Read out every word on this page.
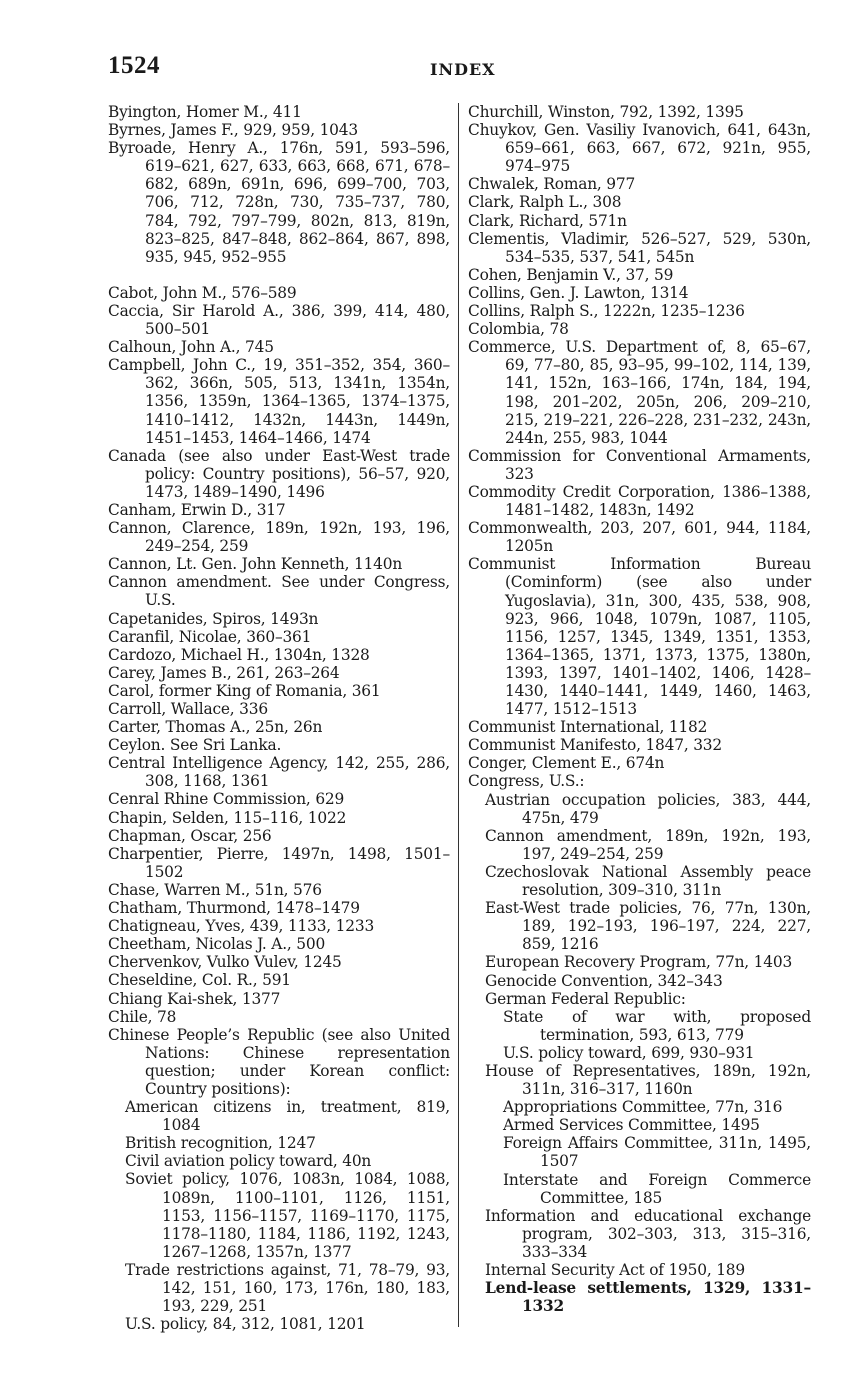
1524	INDEX
Byington, Homer M., 411
Byrnes, James F., 929, 959, 1043
Byroade, Henry A., 176n, 591, 593–596, 619–621, 627, 633, 663, 668, 671, 678–682, 689n, 691n, 696, 699–700, 703, 706, 712, 728n, 730, 735–737, 780, 784, 792, 797–799, 802n, 813, 819n, 823–825, 847–848, 862–864, 867, 898, 935, 945, 952–955
Cabot, John M., 576–589
Caccia, Sir Harold A., 386, 399, 414, 480, 500–501
Calhoun, John A., 745
Campbell, John C., 19, 351–352, 354, 360–362, 366n, 505, 513, 1341n, 1354n, 1356, 1359n, 1364–1365, 1374–1375, 1410–1412, 1432n, 1443n, 1449n, 1451–1453, 1464–1466, 1474
Canada (see also under East-West trade policy: Country positions), 56–57, 920, 1473, 1489–1490, 1496
Canham, Erwin D., 317
Cannon, Clarence, 189n, 192n, 193, 196, 249–254, 259
Cannon, Lt. Gen. John Kenneth, 1140n
Cannon amendment. See under Congress, U.S.
Capetanides, Spiros, 1493n
Caranfil, Nicolae, 360–361
Cardozo, Michael H., 1304n, 1328
Carey, James B., 261, 263–264
Carol, former King of Romania, 361
Carroll, Wallace, 336
Carter, Thomas A., 25n, 26n
Ceylon. See Sri Lanka.
Central Intelligence Agency, 142, 255, 286, 308, 1168, 1361
Cenral Rhine Commission, 629
Chapin, Selden, 115–116, 1022
Chapman, Oscar, 256
Charpentier, Pierre, 1497n, 1498, 1501–1502
Chase, Warren M., 51n, 576
Chatham, Thurmond, 1478–1479
Chatigneau, Yves, 439, 1133, 1233
Cheetham, Nicolas J. A., 500
Chervenkov, Vulko Vulev, 1245
Cheseldine, Col. R., 591
Chiang Kai-shek, 1377
Chile, 78
Chinese People’s Republic (see also United Nations: Chinese representation question; under Korean conflict: Country positions):
American citizens in, treatment, 819, 1084
British recognition, 1247
Civil aviation policy toward, 40n
Soviet policy, 1076, 1083n, 1084, 1088, 1089n, 1100–1101, 1126, 1151, 1153, 1156–1157, 1169–1170, 1175, 1178–1180, 1184, 1186, 1192, 1243, 1267–1268, 1357n, 1377
Trade restrictions against, 71, 78–79, 93, 142, 151, 160, 173, 176n, 180, 183, 193, 229, 251
U.S. policy, 84, 312, 1081, 1201
Churchill, Winston, 792, 1392, 1395
Chuykov, Gen. Vasiliy Ivanovich, 641, 643n, 659–661, 663, 667, 672, 921n, 955, 974–975
Chwalek, Roman, 977
Clark, Ralph L., 308
Clark, Richard, 571n
Clementis, Vladimir, 526–527, 529, 530n, 534–535, 537, 541, 545n
Cohen, Benjamin V., 37, 59
Collins, Gen. J. Lawton, 1314
Collins, Ralph S., 1222n, 1235–1236
Colombia, 78
Commerce, U.S. Department of, 8, 65–67, 69, 77–80, 85, 93–95, 99–102, 114, 139, 141, 152n, 163–166, 174n, 184, 194, 198, 201–202, 205n, 206, 209–210, 215, 219–221, 226–228, 231–232, 243n, 244n, 255, 983, 1044
Commission for Conventional Armaments, 323
Commodity Credit Corporation, 1386–1388, 1481–1482, 1483n, 1492
Commonwealth, 203, 207, 601, 944, 1184, 1205n
Communist Information Bureau (Cominform) (see also under Yugoslavia), 31n, 300, 435, 538, 908, 923, 966, 1048, 1079n, 1087, 1105, 1156, 1257, 1345, 1349, 1351, 1353, 1364–1365, 1371, 1373, 1375, 1380n, 1393, 1397, 1401–1402, 1406, 1428–1430, 1440–1441, 1449, 1460, 1463, 1477, 1512–1513
Communist International, 1182
Communist Manifesto, 1847, 332
Conger, Clement E., 674n
Congress, U.S.:
Austrian occupation policies, 383, 444, 475n, 479
Cannon amendment, 189n, 192n, 193, 197, 249–254, 259
Czechoslovak National Assembly peace resolution, 309–310, 311n
East-West trade policies, 76, 77n, 130n, 189, 192–193, 196–197, 224, 227, 859, 1216
European Recovery Program, 77n, 1403
Genocide Convention, 342–343
German Federal Republic:
State of war with, proposed termination, 593, 613, 779
U.S. policy toward, 699, 930–931
House of Representatives, 189n, 192n, 311n, 316–317, 1160n
Appropriations Committee, 77n, 316
Armed Services Committee, 1495
Foreign Affairs Committee, 311n, 1495, 1507
Interstate and Foreign Commerce Committee, 185
Information and educational exchange program, 302–303, 313, 315–316, 333–334
Internal Security Act of 1950, 189
Lend-lease settlements, 1329, 1331–1332
